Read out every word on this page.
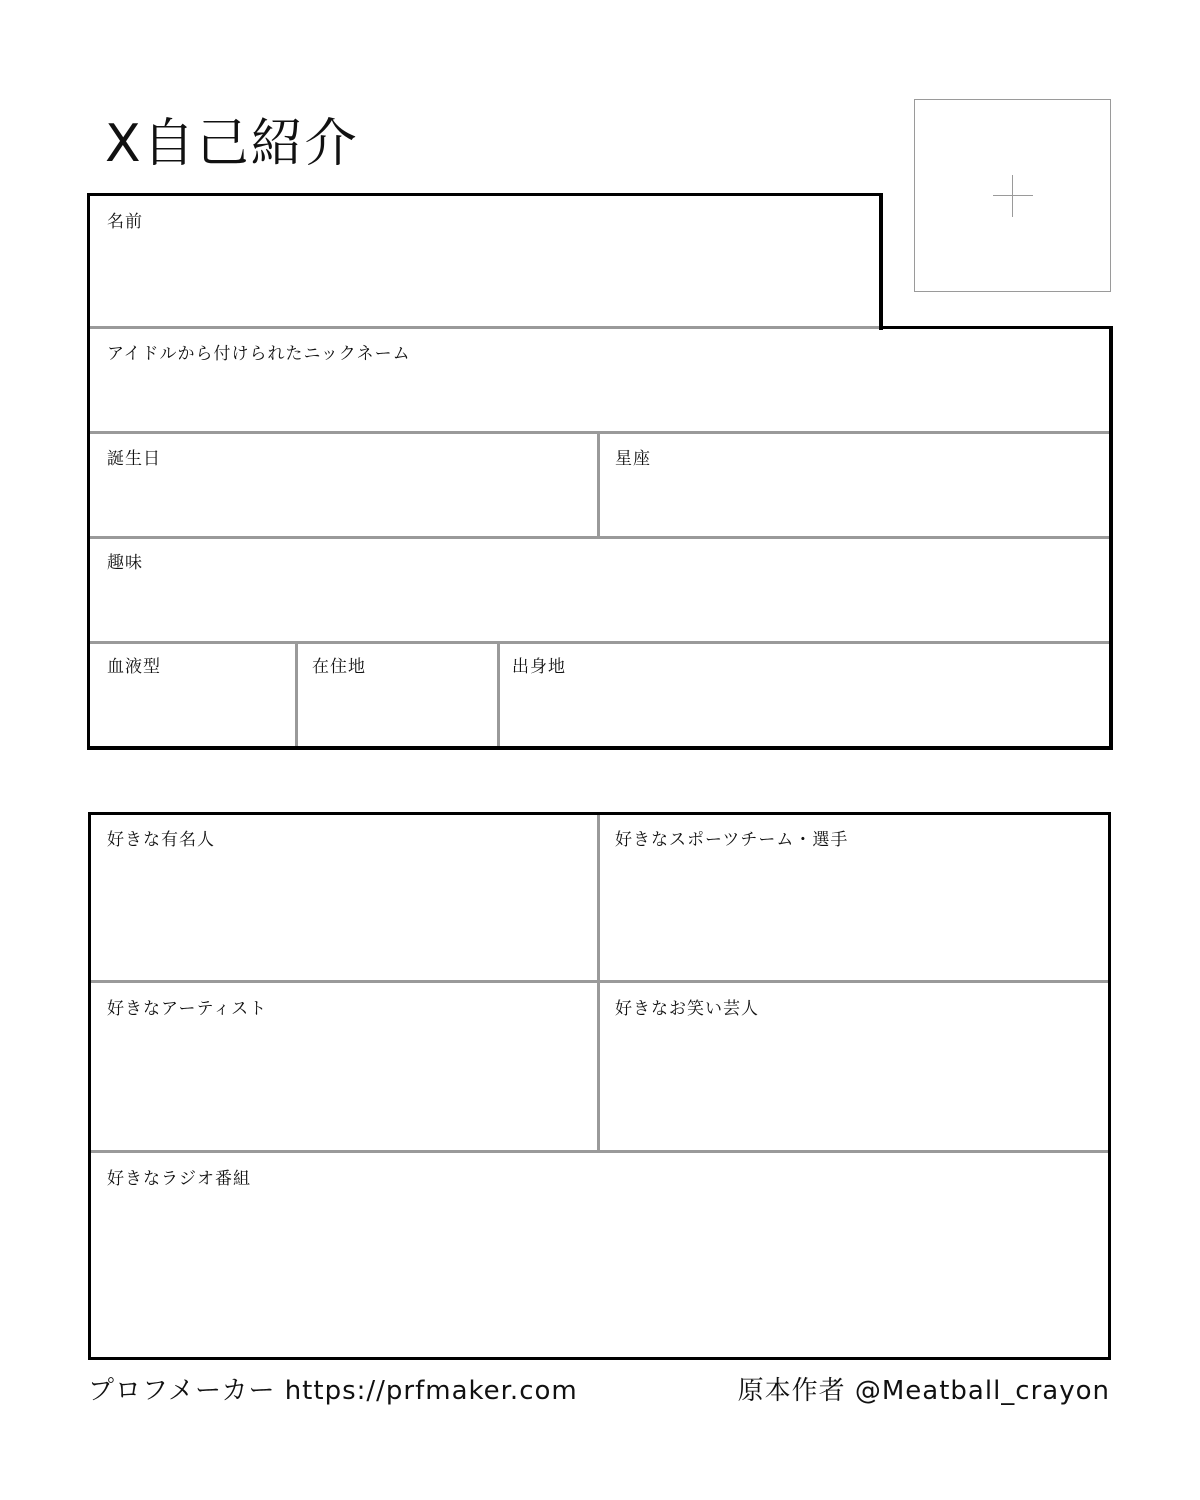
X自己紹介
名前
アイドルから付けられたニックネーム
誕生日	星座
趣味
血液型	在住地	出身地
好きな有名人	好きなスポーツチーム・選手
好きなアーティスト	好きなお笑い芸人
好きなラジオ番組
プロフメーカー https://prfmaker.com	原本作者 @Meatball_crayon
